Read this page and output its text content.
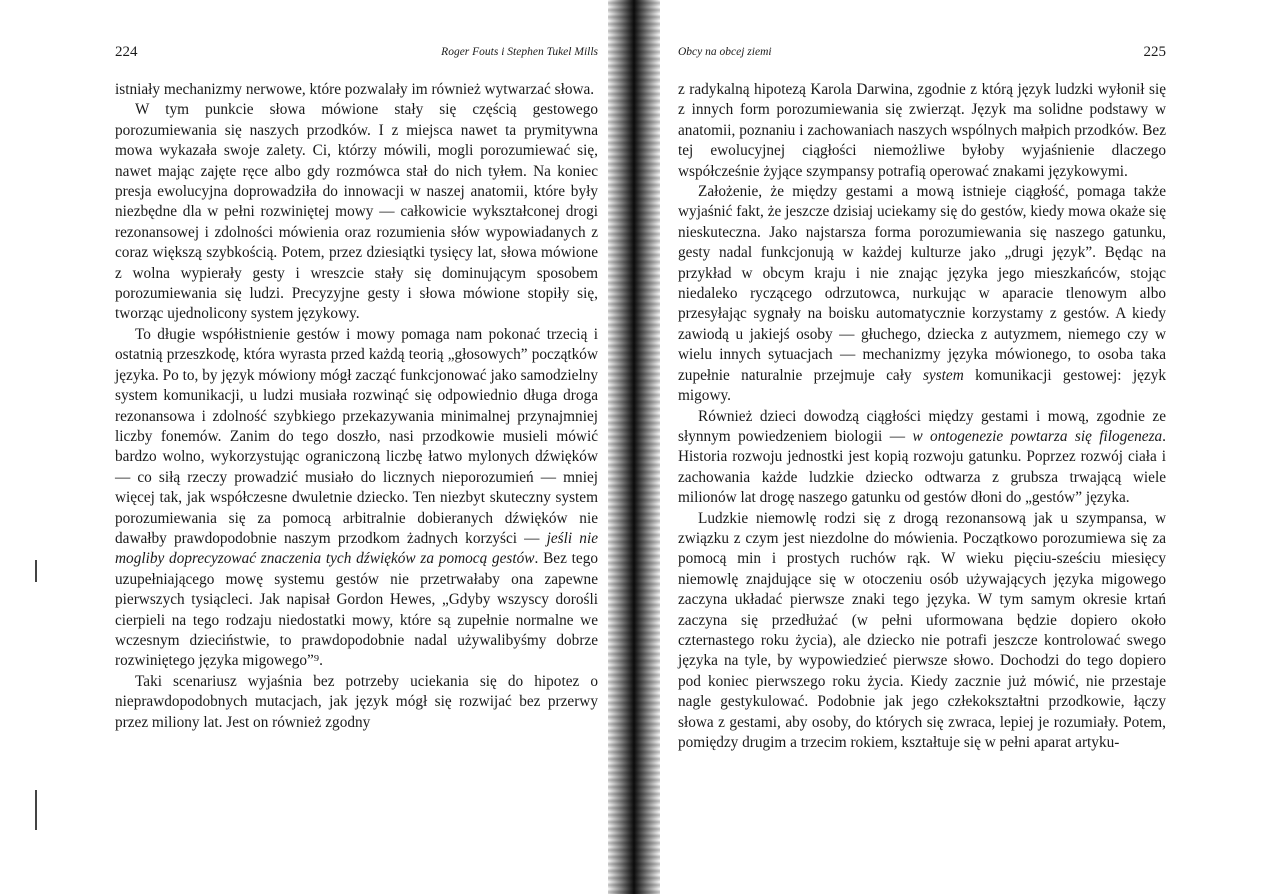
224	Roger Fouts i Stephen Tukel Mills

istniały mechanizmy nerwowe, które pozwalały im również wytwarzać słowa.

W tym punkcie słowa mówione stały się częścią gestowego porozumiewania się naszych przodków. I z miejsca nawet ta prymitywna mowa wykazała swoje zalety. Ci, którzy mówili, mogli porozumiewać się, nawet mając zajęte ręce albo gdy rozmówca stał do nich tyłem. Na koniec presja ewolucyjna doprowadziła do innowacji w naszej anatomii, które były niezbędne dla w pełni rozwiniętej mowy — całkowicie wykształconej drogi rezonansowej i zdolności mówienia oraz rozumienia słów wypowiadanych z coraz większą szybkością. Potem, przez dziesiątki tysięcy lat, słowa mówione z wolna wypierały gesty i wreszcie stały się dominującym sposobem porozumiewania się ludzi. Precyzyjne gesty i słowa mówione stopiły się, tworząc ujednolicony system językowy.

To długie współistnienie gestów i mowy pomaga nam pokonać trzecią i ostatnią przeszkodę, która wyrasta przed każdą teorią „głosowych” początków języka. Po to, by język mówiony mógł zacząć funkcjonować jako samodzielny system komunikacji, u ludzi musiała rozwinąć się odpowiednio długa droga rezonansowa i zdolność szybkiego przekazywania minimalnej przynajmniej liczby fonemów. Zanim do tego doszło, nasi przodkowie musieli mówić bardzo wolno, wykorzystując ograniczoną liczbę łatwo mylonych dźwięków — co siłą rzeczy prowadzić musiało do licznych nieporozumień — mniej więcej tak, jak współczesne dwuletnie dziecko. Ten niezbyt skuteczny system porozumiewania się za pomocą arbitralnie dobieranych dźwięków nie dawałby prawdopodobnie naszym przodkom żadnych korzyści — jeśli nie mogliby doprecyzować znaczenia tych dźwięków za pomocą gestów. Bez tego uzupełniającego mowę systemu gestów nie przetrwałaby ona zapewne pierwszych tysiącleci. Jak napisał Gordon Hewes, „Gdyby wszyscy dorośli cierpieli na tego rodzaju niedostatki mowy, które są zupełnie normalne we wczesnym dzieciństwie, to prawdopodobnie nadal używalibyśmy dobrze rozwiniętego języka migowego”⁹.

Taki scenariusz wyjaśnia bez potrzeby uciekania się do hipotez o nieprawdopodobnych mutacjach, jak język mógł się rozwijać bez przerwy przez miliony lat. Jest on również zgodny

Obcy na obcej ziemi	225

z radykalną hipotezą Karola Darwina, zgodnie z którą język ludzki wyłonił się z innych form porozumiewania się zwierząt. Język ma solidne podstawy w anatomii, poznaniu i zachowaniach naszych wspólnych małpich przodków. Bez tej ewolucyjnej ciągłości niemożliwe byłoby wyjaśnienie dlaczego współcześnie żyjące szympansy potrafią operować znakami językowymi.

Założenie, że między gestami a mową istnieje ciągłość, pomaga także wyjaśnić fakt, że jeszcze dzisiaj uciekamy się do gestów, kiedy mowa okaże się nieskuteczna. Jako najstarsza forma porozumiewania się naszego gatunku, gesty nadal funkcjonują w każdej kulturze jako „drugi język”. Będąc na przykład w obcym kraju i nie znając języka jego mieszkańców, stojąc niedaleko ryczącego odrzutowca, nurkując w aparacie tlenowym albo przesyłając sygnały na boisku automatycznie korzystamy z gestów. A kiedy zawiodą u jakiejś osoby — głuchego, dziecka z autyzmem, niemego czy w wielu innych sytuacjach — mechanizmy języka mówionego, to osoba taka zupełnie naturalnie przejmuje cały system komunikacji gestowej: język migowy.

Również dzieci dowodzą ciągłości między gestami i mową, zgodnie ze słynnym powiedzeniem biologii — w ontogenezie powtarza się filogeneza. Historia rozwoju jednostki jest kopią rozwoju gatunku. Poprzez rozwój ciała i zachowania każde ludzkie dziecko odtwarza z grubsza trwającą wiele milionów lat drogę naszego gatunku od gestów dłoni do „gestów” języka.

Ludzkie niemowlę rodzi się z drogą rezonansową jak u szympansa, w związku z czym jest niezdolne do mówienia. Początkowo porozumiewa się za pomocą min i prostych ruchów rąk. W wieku pięciu-sześciu miesięcy niemowlę znajdujące się w otoczeniu osób używających języka migowego zaczyna układać pierwsze znaki tego języka. W tym samym okresie krtań zaczyna się przedłużać (w pełni uformowana będzie dopiero około czternastego roku życia), ale dziecko nie potrafi jeszcze kontrolować swego języka na tyle, by wypowiedzieć pierwsze słowo. Dochodzi do tego dopiero pod koniec pierwszego roku życia. Kiedy zacznie już mówić, nie przestaje nagle gestykulować. Podobnie jak jego człekokształtni przodkowie, łączy słowa z gestami, aby osoby, do których się zwraca, lepiej je rozumiały. Potem, pomiędzy drugim a trzecim rokiem, kształtuje się w pełni aparat artyku-
